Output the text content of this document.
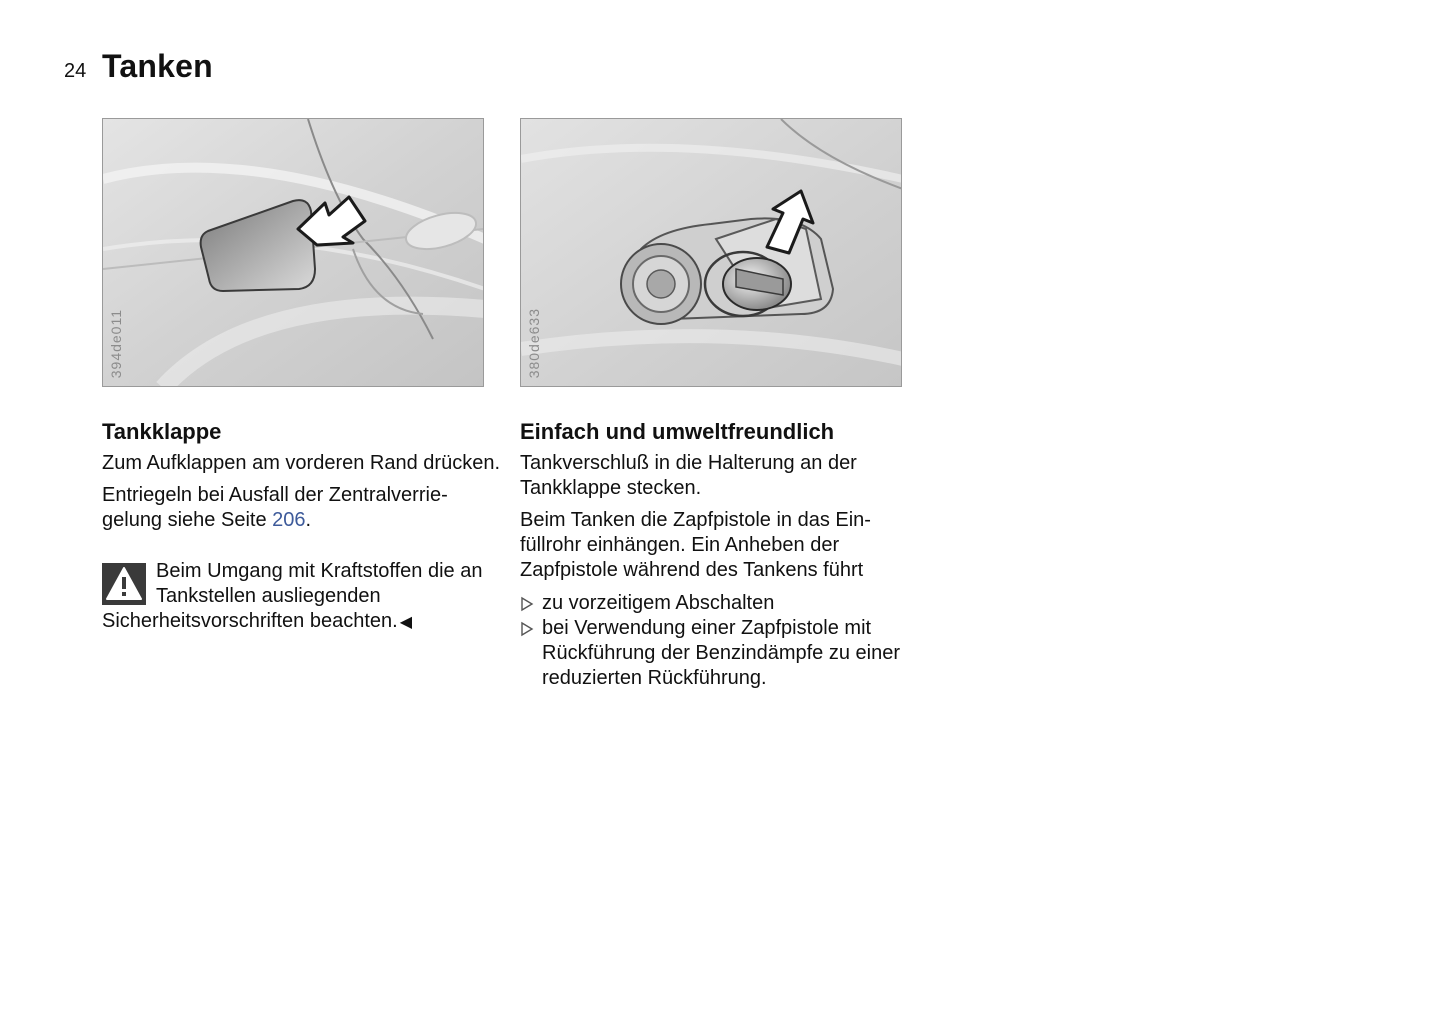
24 Tanken
394de011	380de633
Tankklappe

Zum Aufklappen am vorderen Rand drücken.

Entriegeln bei Ausfall der Zentralverrie-gelung siehe Seite 206.

Beim Umgang mit Kraftstoffen die an Tankstellen ausliegenden Sicherheitsvorschriften beachten. ◀
Einfach und umweltfreundlich

Tankverschluß in die Halterung an der Tankklappe stecken.

Beim Tanken die Zapfpistole in das Ein-füllrohr einhängen. Ein Anheben der Zapfpistole während des Tankens führt

zu vorzeitigem Abschalten
bei Verwendung einer Zapfpistole mit Rückführung der Benzindämpfe zu einer reduzierten Rückführung.
